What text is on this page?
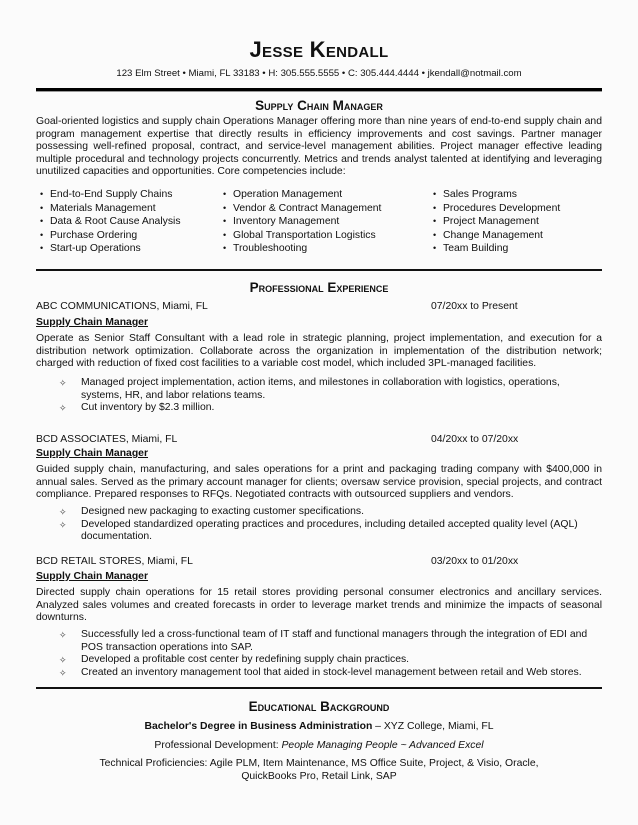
Jesse Kendall
123 Elm Street • Miami, FL 33183 • H: 305.555.5555 • C: 305.444.4444 • jkendall@notmail.com
Supply Chain Manager
Goal-oriented logistics and supply chain Operations Manager offering more than nine years of end-to-end supply chain and program management expertise that directly results in efficiency improvements and cost savings. Partner manager possessing well-refined proposal, contract, and service-level management abilities. Project manager effective leading multiple procedural and technology projects concurrently. Metrics and trends analyst talented at identifying and leveraging unutilized capacities and opportunities. Core competencies include:
• End-to-End Supply Chains
• Materials Management
• Data & Root Cause Analysis
• Purchase Ordering
• Start-up Operations
• Operation Management
• Vendor & Contract Management
• Inventory Management
• Global Transportation Logistics
• Troubleshooting
• Sales Programs
• Procedures Development
• Project Management
• Change Management
• Team Building
Professional Experience
ABC COMMUNICATIONS, Miami, FL	07/20xx to Present
Supply Chain Manager
Operate as Senior Staff Consultant with a lead role in strategic planning, project implementation, and execution for a distribution network optimization. Collaborate across the organization in implementation of the distribution network; charged with reduction of fixed cost facilities to a variable cost model, which included 3PL-managed facilities.
✧ Managed project implementation, action items, and milestones in collaboration with logistics, operations, systems, HR, and labor relations teams.
✧ Cut inventory by $2.3 million.
BCD ASSOCIATES, Miami, FL	04/20xx to 07/20xx
Supply Chain Manager
Guided supply chain, manufacturing, and sales operations for a print and packaging trading company with $400,000 in annual sales. Served as the primary account manager for clients; oversaw service provision, special projects, and contract compliance. Prepared responses to RFQs. Negotiated contracts with outsourced suppliers and vendors.
✧ Designed new packaging to exacting customer specifications.
✧ Developed standardized operating practices and procedures, including detailed accepted quality level (AQL) documentation.
BCD RETAIL STORES, Miami, FL	03/20xx to 01/20xx
Supply Chain Manager
Directed supply chain operations for 15 retail stores providing personal consumer electronics and ancillary services. Analyzed sales volumes and created forecasts in order to leverage market trends and minimize the impacts of seasonal downturns.
✧ Successfully led a cross-functional team of IT staff and functional managers through the integration of EDI and POS transaction operations into SAP.
✧ Developed a profitable cost center by redefining supply chain practices.
✧ Created an inventory management tool that aided in stock-level management between retail and Web stores.
Educational Background
Bachelor's Degree in Business Administration – XYZ College, Miami, FL
Professional Development: People Managing People ~ Advanced Excel
Technical Proficiencies: Agile PLM, Item Maintenance, MS Office Suite, Project, & Visio, Oracle,
QuickBooks Pro, Retail Link, SAP
